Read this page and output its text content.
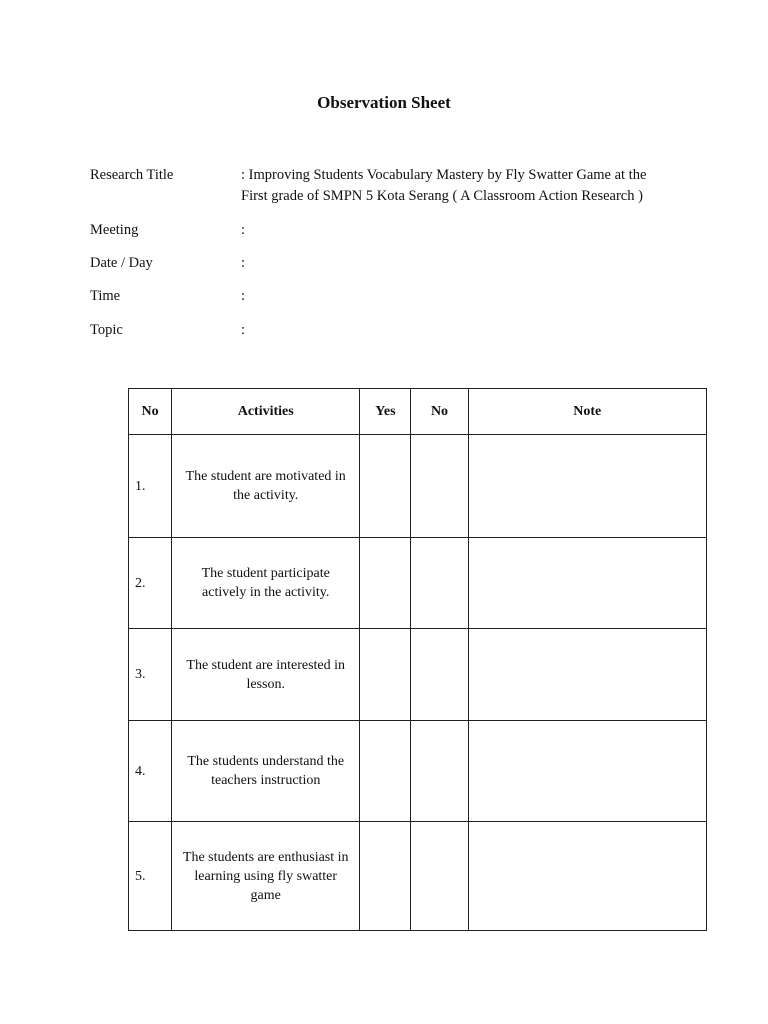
Observation Sheet
Research Title	: Improving Students Vocabulary Mastery by Fly Swatter Game at the
First grade of SMPN 5 Kota Serang ( A Classroom Action Research )
Meeting	:
Date / Day	:
Time	:
Topic	:
No	Activities	Yes	No	Note
1.	The student are motivated in the activity.			
2.	The student participate actively in the activity.			
3.	The student are interested in lesson.			
4.	The students understand the teachers instruction			
5.	The students are enthusiast in learning using fly swatter game			
